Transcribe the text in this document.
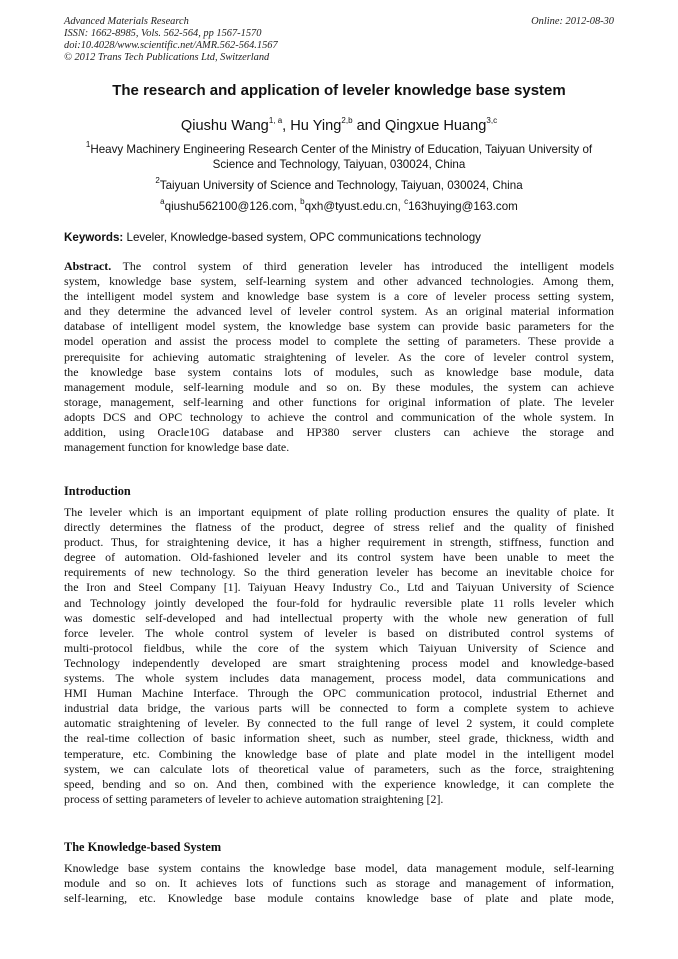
Advanced Materials Research
ISSN: 1662-8985, Vols. 562-564, pp 1567-1570
doi:10.4028/www.scientific.net/AMR.562-564.1567
© 2012 Trans Tech Publications Ltd, Switzerland
Online: 2012-08-30
The research and application of leveler knowledge base system
Qiushu Wang$^{1, a}$, Hu Ying$^{2,b}$ and Qingxue Huang$^{3,c}$
$^1$Heavy Machinery Engineering Research Center of the Ministry of Education, Taiyuan University of
Science and Technology, Taiyuan, 030024, China
$^2$Taiyuan University of Science and Technology, Taiyuan, 030024, China
$^a$qiushu562100@126.com, $^b$qxh@tyust.edu.cn, $^c$163huying@163.com
Keywords: Leveler, Knowledge-based system, OPC communications technology
Abstract. The control system of third generation leveler has introduced the intelligent models
system, knowledge base system, self-learning system and other advanced technologies. Among them,
the intelligent model system and knowledge base system is a core of leveler process setting system,
and they determine the advanced level of leveler control system. As an original material information
database of intelligent model system, the knowledge base system can provide basic parameters for the
model operation and assist the process model to complete the setting of parameters. These provide a
prerequisite for achieving automatic straightening of leveler. As the core of leveler control system,
the knowledge base system contains lots of modules, such as knowledge base module, data
management module, self-learning module and so on. By these modules, the system can achieve
storage, management, self-learning and other functions for original information of plate. The leveler
adopts DCS and OPC technology to achieve the control and communication of the whole system. In
addition, using Oracle10G database and HP380 server clusters can achieve the storage and
management function for knowledge base date.
Introduction
The leveler which is an important equipment of plate rolling production ensures the quality of plate. It
directly determines the flatness of the product, degree of stress relief and the quality of finished
product. Thus, for straightening device, it has a higher requirement in strength, stiffness, function and
degree of automation. Old-fashioned leveler and its control system have been unable to meet the
requirements of new technology. So the third generation leveler has become an inevitable choice for
the Iron and Steel Company [1]. Taiyuan Heavy Industry Co., Ltd and Taiyuan University of Science
and Technology jointly developed the four-fold for hydraulic reversible plate 11 rolls leveler which
was domestic self-developed and had intellectual property with the whole new generation of full
force leveler. The whole control system of leveler is based on distributed control systems of
multi-protocol fieldbus, while the core of the system which Taiyuan University of Science and
Technology independently developed are smart straightening process model and knowledge-based
systems. The whole system includes data management, process model, data communications and
HMI Human Machine Interface. Through the OPC communication protocol, industrial Ethernet and
industrial data bridge, the various parts will be connected to form a complete system to achieve
automatic straightening of leveler. By connected to the full range of level 2 system, it could complete
the real-time collection of basic information sheet, such as number, steel grade, thickness, width and
temperature, etc. Combining the knowledge base of plate and plate model in the intelligent model
system, we can calculate lots of theoretical value of parameters, such as the force, straightening
speed, bending and so on. And then, combined with the experience knowledge, it can complete the
process of setting parameters of leveler to achieve automation straightening [2].
The Knowledge-based System
Knowledge base system contains the knowledge base model, data management module, self-learning
module and so on. It achieves lots of functions such as storage and management of information,
self-learning, etc. Knowledge base module contains knowledge base of plate and plate mode,
